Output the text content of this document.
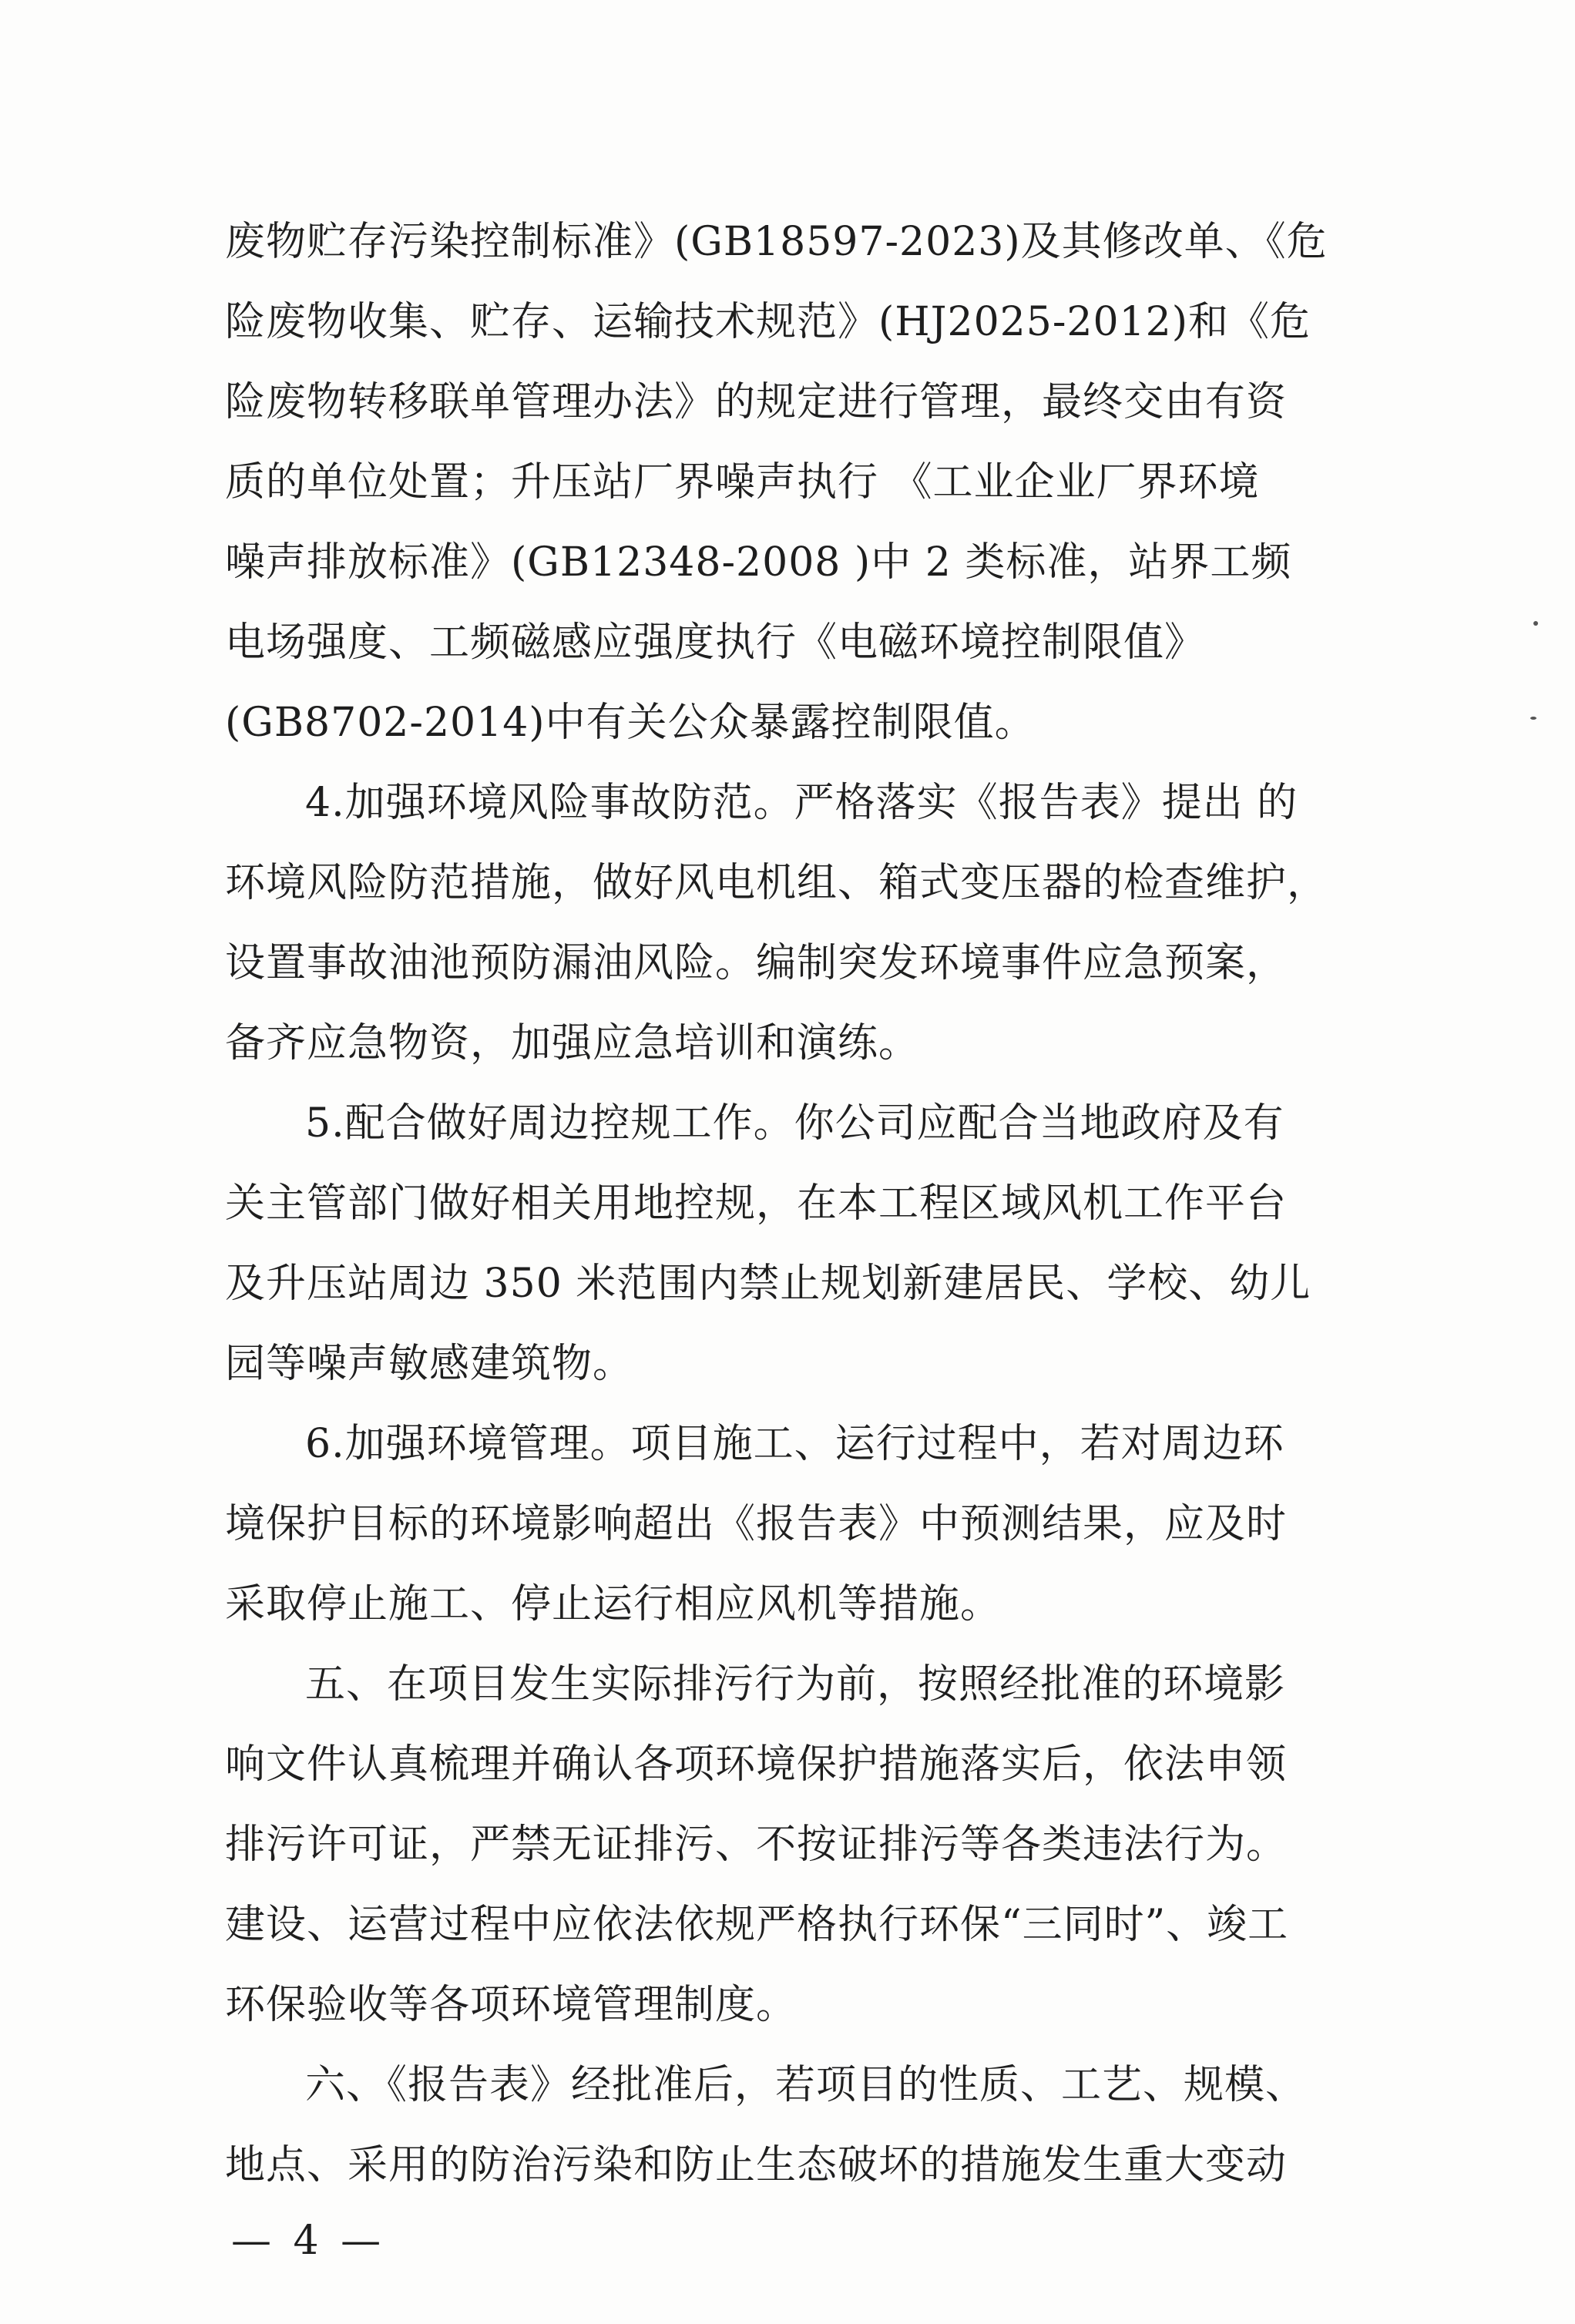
废物贮存污染控制标准》(GB18597-2023)及其修改单、《危
险废物收集、贮存、运输技术规范》(HJ2025-2012)和《危
险废物转移联单管理办法》的规定进行管理，最终交由有资
质的单位处置；升压站厂界噪声执行 《工业企业厂界环境
噪声排放标准》(GB12348-2008 )中 2 类标准，站界工频
电场强度、工频磁感应强度执行《电磁环境控制限值》
(GB8702-2014)中有关公众暴露控制限值。
4.加强环境风险事故防范。严格落实《报告表》提出 的
环境风险防范措施，做好风电机组、箱式变压器的检查维护，
设置事故油池预防漏油风险。编制突发环境事件应急预案，
备齐应急物资，加强应急培训和演练。
5.配合做好周边控规工作。你公司应配合当地政府及有
关主管部门做好相关用地控规，在本工程区域风机工作平台
及升压站周边 350 米范围内禁止规划新建居民、学校、幼儿
园等噪声敏感建筑物。
6.加强环境管理。项目施工、运行过程中，若对周边环
境保护目标的环境影响超出《报告表》中预测结果，应及时
采取停止施工、停止运行相应风机等措施。
五、在项目发生实际排污行为前，按照经批准的环境影
响文件认真梳理并确认各项环境保护措施落实后，依法申领
排污许可证，严禁无证排污、不按证排污等各类违法行为。
建设、运营过程中应依法依规严格执行环保“三同时”、竣工
环保验收等各项环境管理制度。
六、《报告表》经批准后，若项目的性质、工艺、规模、
地点、采用的防治污染和防止生态破坏的措施发生重大变动
— 4 —
